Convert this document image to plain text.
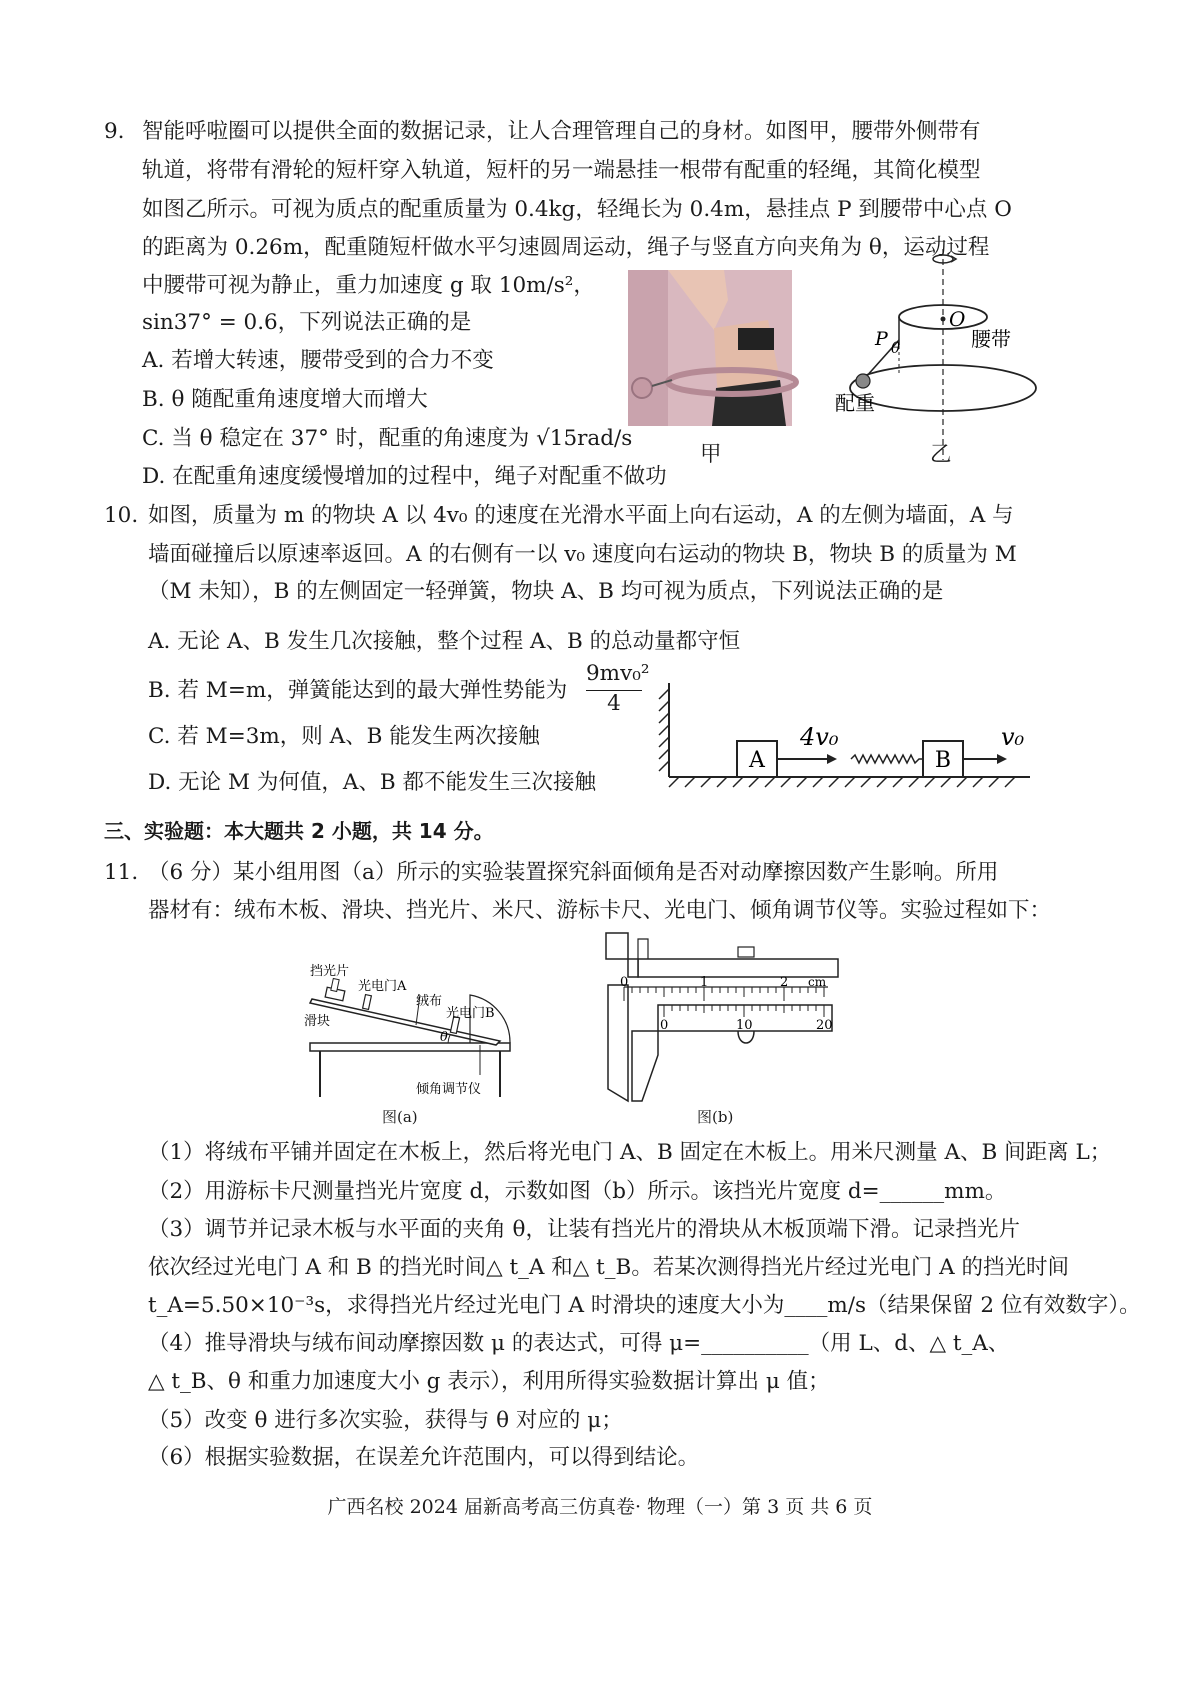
9. 智能呼啦圈可以提供全面的数据记录，让人合理管理自己的身材。如图甲，腰带外侧带有
轨道，将带有滑轮的短杆穿入轨道，短杆的另一端悬挂一根带有配重的轻绳，其简化模型
如图乙所示。可视为质点的配重质量为 0.4kg，轻绳长为 0.4m，悬挂点 P 到腰带中心点 O
的距离为 0.26m，配重随短杆做水平匀速圆周运动，绳子与竖直方向夹角为 θ，运动过程
中腰带可视为静止，重力加速度 g 取 10m/s²，
sin37° = 0.6，下列说法正确的是
A. 若增大转速，腰带受到的合力不变
B. θ 随配重角速度增大而增大
C. 当 θ 稳定在 37° 时，配重的角速度为 √15rad/s
D. 在配重角速度缓慢增加的过程中，绳子对配重不做功
甲
O
P θ	腰带
配重
乙
10. 如图，质量为 m 的物块 A 以 4v₀ 的速度在光滑水平面上向右运动，A 的左侧为墙面，A 与
墙面碰撞后以原速率返回。A 的右侧有一以 v₀ 速度向右运动的物块 B，物块 B 的质量为 M
（M 未知），B 的左侧固定一轻弹簧，物块 A、B 均可视为质点，下列说法正确的是
A. 无论 A、B 发生几次接触，整个过程 A、B 的总动量都守恒
B. 若 M=m，弹簧能达到的最大弹性势能为
9mv₀²
4
C. 若 M=3m，则 A、B 能发生两次接触
D. 无论 M 为何值，A、B 都不能发生三次接触
A
4v₀
B
v₀
三、实验题：本大题共 2 小题，共 14 分。
11. （6 分）某小组用图（a）所示的实验装置探究斜面倾角是否对动摩擦因数产生影响。所用
器材有：绒布木板、滑块、挡光片、米尺、游标卡尺、光电门、倾角调节仪等。实验过程如下：
挡光片
光电门A
绒布
滑块
光电门B
θ
倾角调节仪
图(a)
0	1	2 cm
0	10	20
图(b)
（1）将绒布平铺并固定在木板上，然后将光电门 A、B 固定在木板上。用米尺测量 A、B 间距离 L；
（2）用游标卡尺测量挡光片宽度 d，示数如图（b）所示。该挡光片宽度 d=______mm。
（3）调节并记录木板与水平面的夹角 θ，让装有挡光片的滑块从木板顶端下滑。记录挡光片
依次经过光电门 A 和 B 的挡光时间△ t_A 和△ t_B。若某次测得挡光片经过光电门 A 的挡光时间
t_A=5.50×10⁻³s，求得挡光片经过光电门 A 时滑块的速度大小为____m/s（结果保留 2 位有效数字）。
（4）推导滑块与绒布间动摩擦因数 μ 的表达式，可得 μ=__________（用 L、d、△ t_A、
△ t_B、θ 和重力加速度大小 g 表示），利用所得实验数据计算出 μ 值；
（5）改变 θ 进行多次实验，获得与 θ 对应的 μ；
（6）根据实验数据，在误差允许范围内，可以得到结论。
广西名校 2024 届新高考高三仿真卷· 物理（一）第 3 页 共 6 页
